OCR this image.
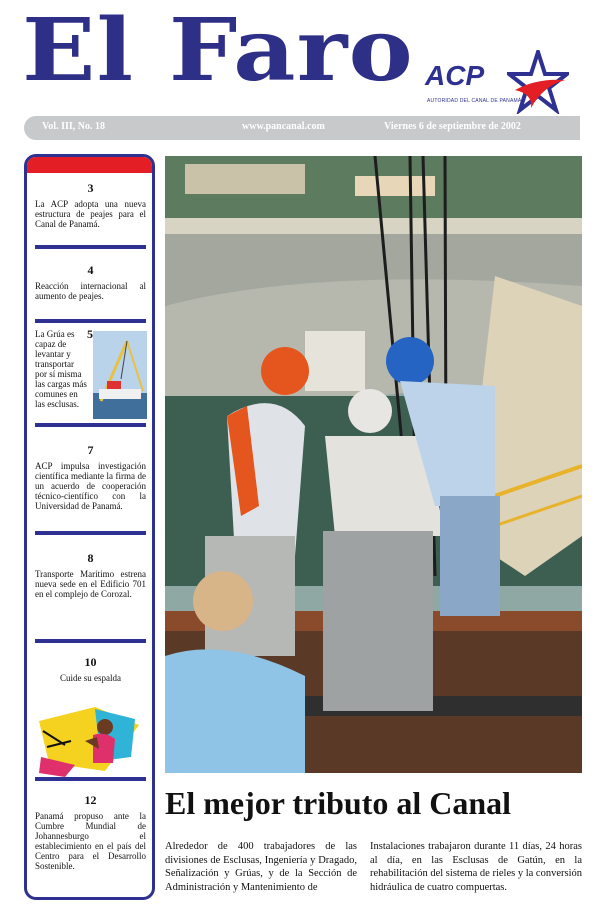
El Faro ACP
AUTORIDAD DEL CANAL DE PANAMÁ
Vol. III, No. 18	www.pancanal.com	Viernes 6 de septiembre de 2002
3
La ACP adopta una nueva estructura de peajes para el Canal de Panamá.
4
Reacción internacional al aumento de peajes.
La Grúa es capaz de levantar y transportar por sí misma las cargas más comunes en las esclusas.
5
7
ACP impulsa investigación científica mediante la firma de un acuerdo de cooperación técnico-científico con la Universidad de Panamá.
8
Transporte Marítimo estrena nueva sede en el Edificio 701 en el complejo de Corozal.
10
Cuide su espalda
12
Panamá propuso ante la Cumbre Mundial de Johannesburgo el establecimiento en el país del Centro para el Desarrollo Sostenible.
El mejor tributo al Canal
Alrededor de 400 trabajadores de las divisiones de Esclusas, Ingeniería y Dragado, Señalización y Grúas, y de la Sección de Administración y Mantenimiento de
Instalaciones trabajaron durante 11 días, 24 horas al día, en las Esclusas de Gatún, en la rehabilitación del sistema de rieles y la conversión hidráulica de cuatro compuertas.
